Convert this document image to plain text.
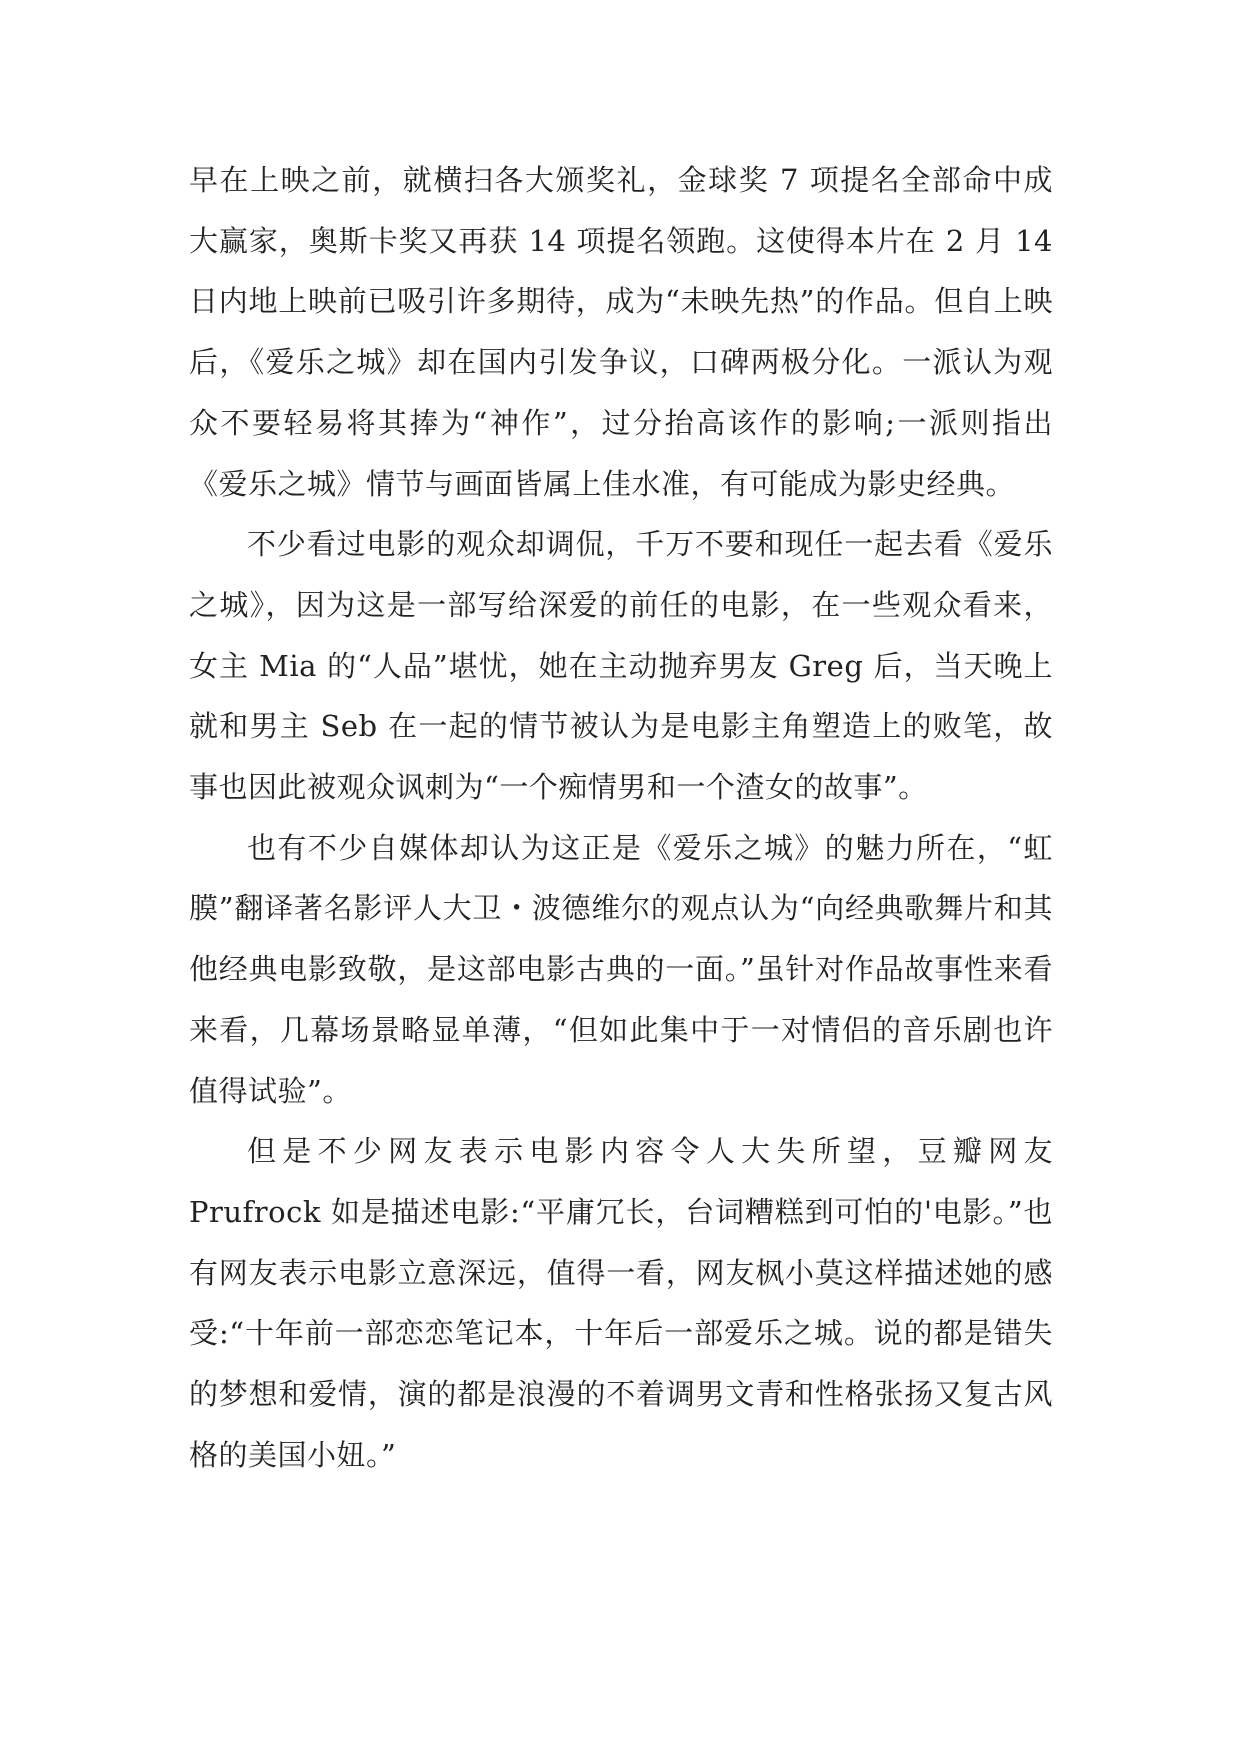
早在上映之前，就横扫各大颁奖礼，金球奖 7 项提名全部命中成大赢家，奥斯卡奖又再获 14 项提名领跑。这使得本片在 2 月 14 日内地上映前已吸引许多期待，成为“未映先热”的作品。但自上映后，《爱乐之城》却在国内引发争议，口碑两极分化。一派认为观众不要轻易将其捧为“神作”，过分抬高该作的影响;一派则指出《爱乐之城》情节与画面皆属上佳水准，有可能成为影史经典。

不少看过电影的观众却调侃，千万不要和现任一起去看《爱乐之城》，因为这是一部写给深爱的前任的电影，在一些观众看来，女主 Mia 的“人品”堪忧，她在主动抛弃男友 Greg 后，当天晚上就和男主 Seb 在一起的情节被认为是电影主角塑造上的败笔，故事也因此被观众讽刺为“一个痴情男和一个渣女的故事”。

也有不少自媒体却认为这正是《爱乐之城》的魅力所在，“虹膜”翻译著名影评人大卫・波德维尔的观点认为“向经典歌舞片和其他经典电影致敬，是这部电影古典的一面。”虽针对作品故事性来看来看，几幕场景略显单薄，“但如此集中于一对情侣的音乐剧也许值得试验”。

但是不少网友表示电影内容令人大失所望，豆瓣网友 Prufrock 如是描述电影:“平庸冗长，台词糟糕到可怕的'电影。”也有网友表示电影立意深远，值得一看，网友枫小莫这样描述她的感受:“十年前一部恋恋笔记本，十年后一部爱乐之城。说的都是错失的梦想和爱情，演的都是浪漫的不着调男文青和性格张扬又复古风格的美国小妞。”
